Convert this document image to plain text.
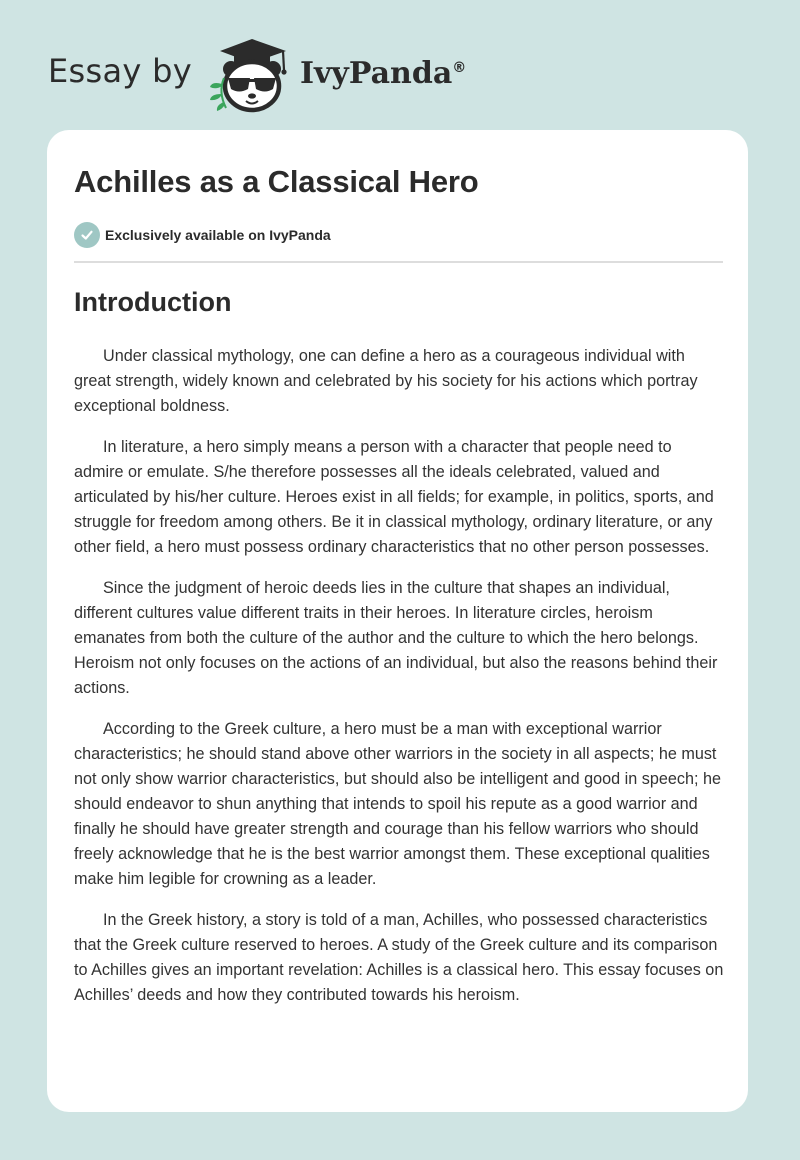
Essay by	IvyPanda®
Achilles as a Classical Hero
Exclusively available on IvyPanda
Introduction

Under classical mythology, one can define a hero as a courageous individual with great strength, widely known and celebrated by his society for his actions which portray exceptional boldness.

In literature, a hero simply means a person with a character that people need to admire or emulate. S/he therefore possesses all the ideals celebrated, valued and articulated by his/her culture. Heroes exist in all fields; for example, in politics, sports, and struggle for freedom among others. Be it in classical mythology, ordinary literature, or any other field, a hero must possess ordinary characteristics that no other person possesses.

Since the judgment of heroic deeds lies in the culture that shapes an individual, different cultures value different traits in their heroes. In literature circles, heroism emanates from both the culture of the author and the culture to which the hero belongs. Heroism not only focuses on the actions of an individual, but also the reasons behind their actions.

According to the Greek culture, a hero must be a man with exceptional warrior characteristics; he should stand above other warriors in the society in all aspects; he must not only show warrior characteristics, but should also be intelligent and good in speech; he should endeavor to shun anything that intends to spoil his repute as a good warrior and finally he should have greater strength and courage than his fellow warriors who should freely acknowledge that he is the best warrior amongst them. These exceptional qualities make him legible for crowning as a leader.

In the Greek history, a story is told of a man, Achilles, who possessed characteristics that the Greek culture reserved to heroes. A study of the Greek culture and its comparison to Achilles gives an important revelation: Achilles is a classical hero. This essay focuses on Achilles’ deeds and how they contributed towards his heroism.
